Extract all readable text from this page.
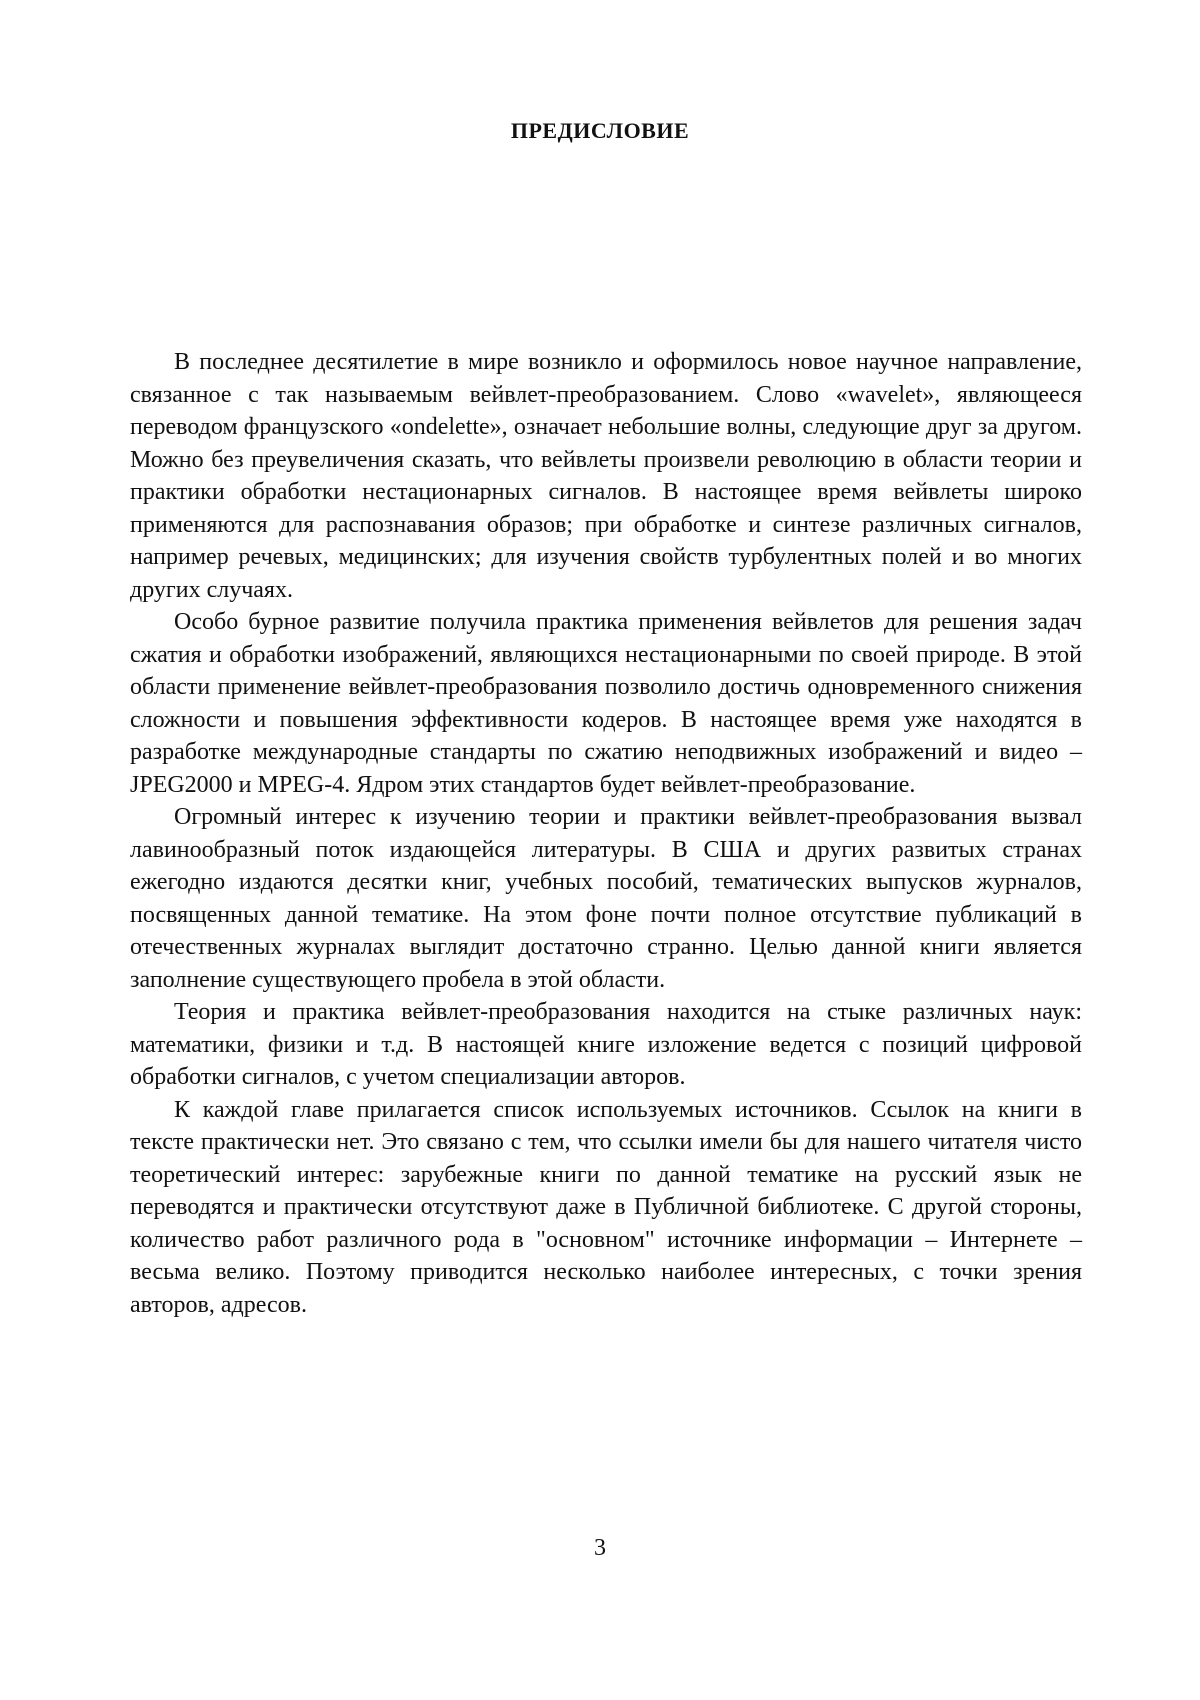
ПРЕДИСЛОВИЕ

В последнее десятилетие в мире возникло и оформилось новое научное направление, связанное с так называемым вейвлет-преобразованием. Слово «wavelet», являющееся переводом французского «ondelette», означает небольшие волны, следующие друг за другом. Можно без преувеличения сказать, что вейвлеты произвели революцию в области теории и практики обработки нестационарных сигналов. В настоящее время вейвлеты широко применяются для распознавания образов; при обработке и синтезе различных сигналов, например речевых, медицинских; для изучения свойств турбулентных полей и во многих других случаях.

Особо бурное развитие получила практика применения вейвлетов для решения задач сжатия и обработки изображений, являющихся нестационарными по своей природе. В этой области применение вейвлет-преобразования позволило достичь одновременного снижения сложности и повышения эффективности кодеров. В настоящее время уже находятся в разработке международные стандарты по сжатию неподвижных изображений и видео – JPEG2000 и MPEG-4. Ядром этих стандартов будет вейвлет-преобразование.

Огромный интерес к изучению теории и практики вейвлет-преобразования вызвал лавинообразный поток издающейся литературы. В США и других развитых странах ежегодно издаются десятки книг, учебных пособий, тематических выпусков журналов, посвященных данной тематике. На этом фоне почти полное отсутствие публикаций в отечественных журналах выглядит достаточно странно. Целью данной книги является заполнение существующего пробела в этой области.

Теория и практика вейвлет-преобразования находится на стыке различных наук: математики, физики и т.д. В настоящей книге изложение ведется с позиций цифровой обработки сигналов, с учетом специализации авторов.

К каждой главе прилагается список используемых источников. Ссылок на книги в тексте практически нет. Это связано с тем, что ссылки имели бы для нашего читателя чисто теоретический интерес: зарубежные книги по данной тематике на русский язык не переводятся и практически отсутствуют даже в Публичной библиотеке. С другой стороны, количество работ различного рода в "основном" источнике информации – Интернете – весьма велико. Поэтому приводится несколько наиболее интересных, с точки зрения авторов, адресов.

3
